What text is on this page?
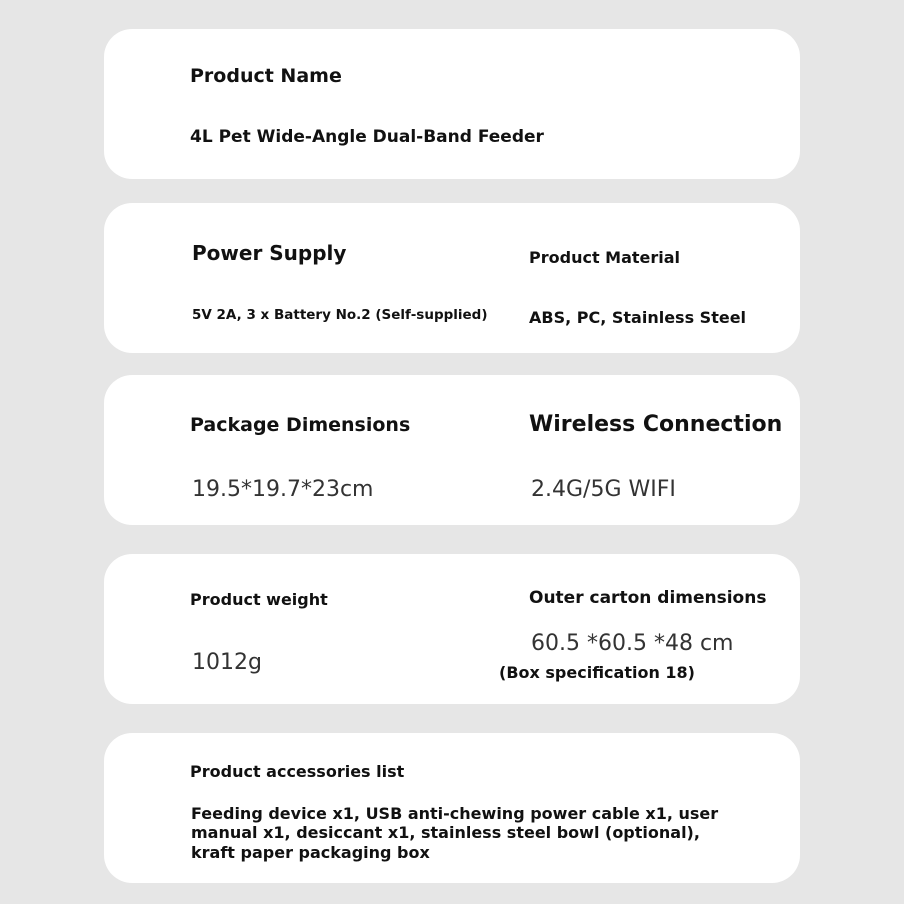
Product Name
4L Pet Wide-Angle Dual-Band Feeder
Power Supply
5V 2A, 3 x Battery No.2 (Self-supplied)
Product Material
ABS, PC, Stainless Steel
Package Dimensions
19.5*19.7*23cm
Wireless Connection
2.4G/5G WIFI
Product weight
1012g
Outer carton dimensions
60.5 *60.5 *48 cm
(Box specification 18)
Product accessories list
Feeding device x1, USB anti-chewing power cable x1, user
manual x1, desiccant x1, stainless steel bowl (optional),
kraft paper packaging box
